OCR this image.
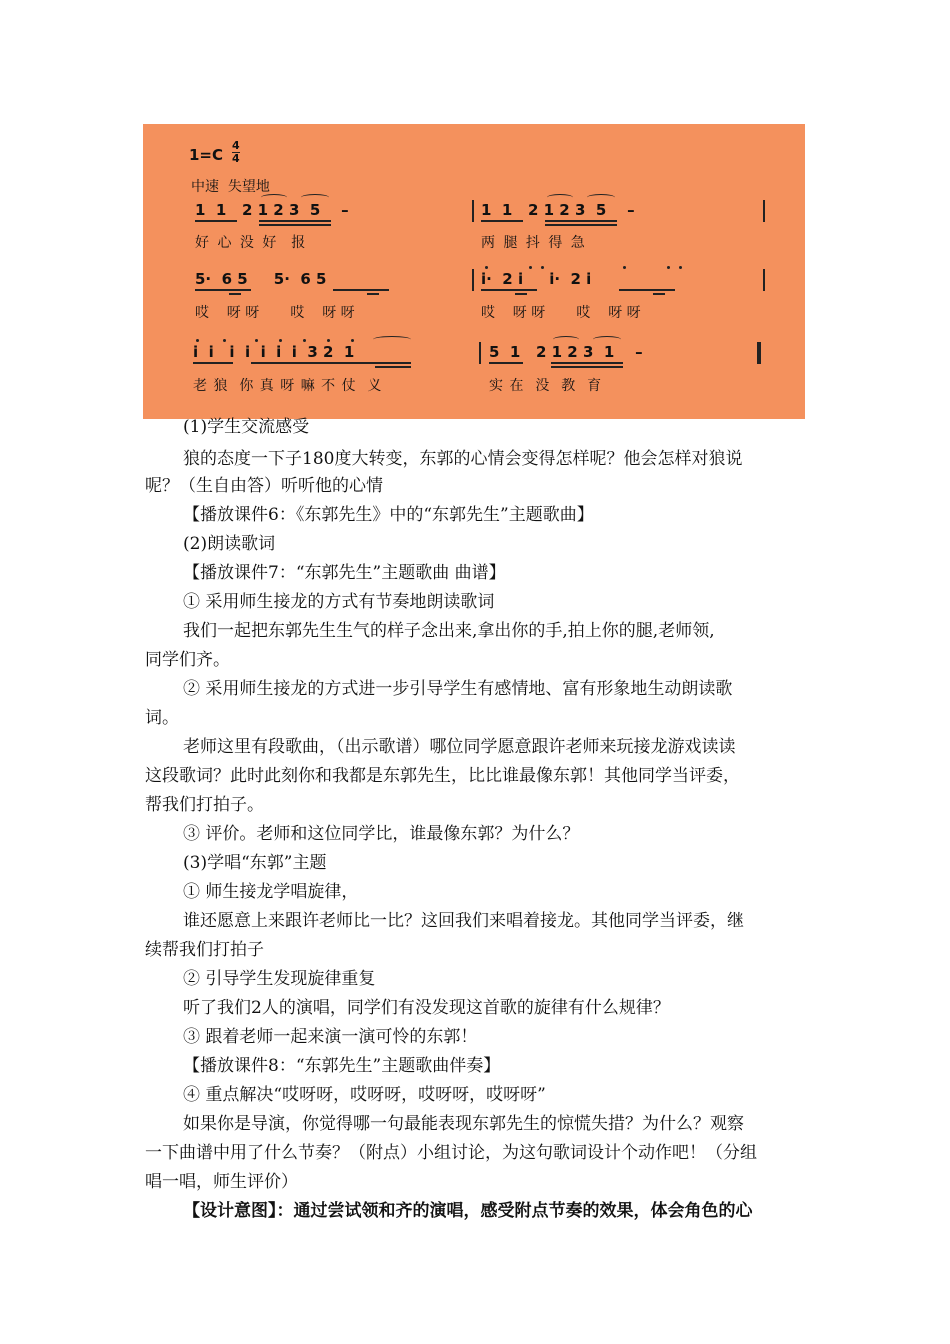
1=C
4
4
中速  失望地
1  1   2 1 2 3  5    –	1  1   2 1 2 3  5    –
好 心 没 好  报	两 腿 抖 得 急
5·  6 5     5·  6 5	i·  2 i     i·  2 i
哎    呀 呀       哎    呀 呀	哎    呀 呀       哎    呀 呀
i  i   i  i  i  i  i  3 2  1	5  1   2 1 2 3  1    –
老 狼  你 真 呀 嘛 不 仗  义	实 在  没  教  育
(1)学生交流感受
狼的态度一下子180度大转变，东郭的心情会变得怎样呢？他会怎样对狼说
呢？（生自由答）听听他的心情
【播放课件6：《东郭先生》中的“东郭先生”主题歌曲】
(2)朗读歌词
【播放课件7：“东郭先生”主题歌曲 曲谱】
① 采用师生接龙的方式有节奏地朗读歌词
我们一起把东郭先生生气的样子念出来,拿出你的手,拍上你的腿,老师领,
同学们齐。
② 采用师生接龙的方式进一步引导学生有感情地、富有形象地生动朗读歌
词。
老师这里有段歌曲，（出示歌谱）哪位同学愿意跟许老师来玩接龙游戏读读
这段歌词？此时此刻你和我都是东郭先生，比比谁最像东郭！其他同学当评委，
帮我们打拍子。
③ 评价。老师和这位同学比，谁最像东郭？为什么？
(3)学唱“东郭”主题
① 师生接龙学唱旋律，
谁还愿意上来跟许老师比一比？这回我们来唱着接龙。其他同学当评委，继
续帮我们打拍子
② 引导学生发现旋律重复
听了我们2人的演唱，同学们有没发现这首歌的旋律有什么规律？
③ 跟着老师一起来演一演可怜的东郭！
【播放课件8：“东郭先生”主题歌曲伴奏】
④ 重点解决“哎呀呀，哎呀呀，哎呀呀，哎呀呀”
如果你是导演，你觉得哪一句最能表现东郭先生的惊慌失措？为什么？观察
一下曲谱中用了什么节奏？（附点）小组讨论，为这句歌词设计个动作吧！（分组
唱一唱，师生评价）
【设计意图】：通过尝试领和齐的演唱，感受附点节奏的效果，体会角色的心
